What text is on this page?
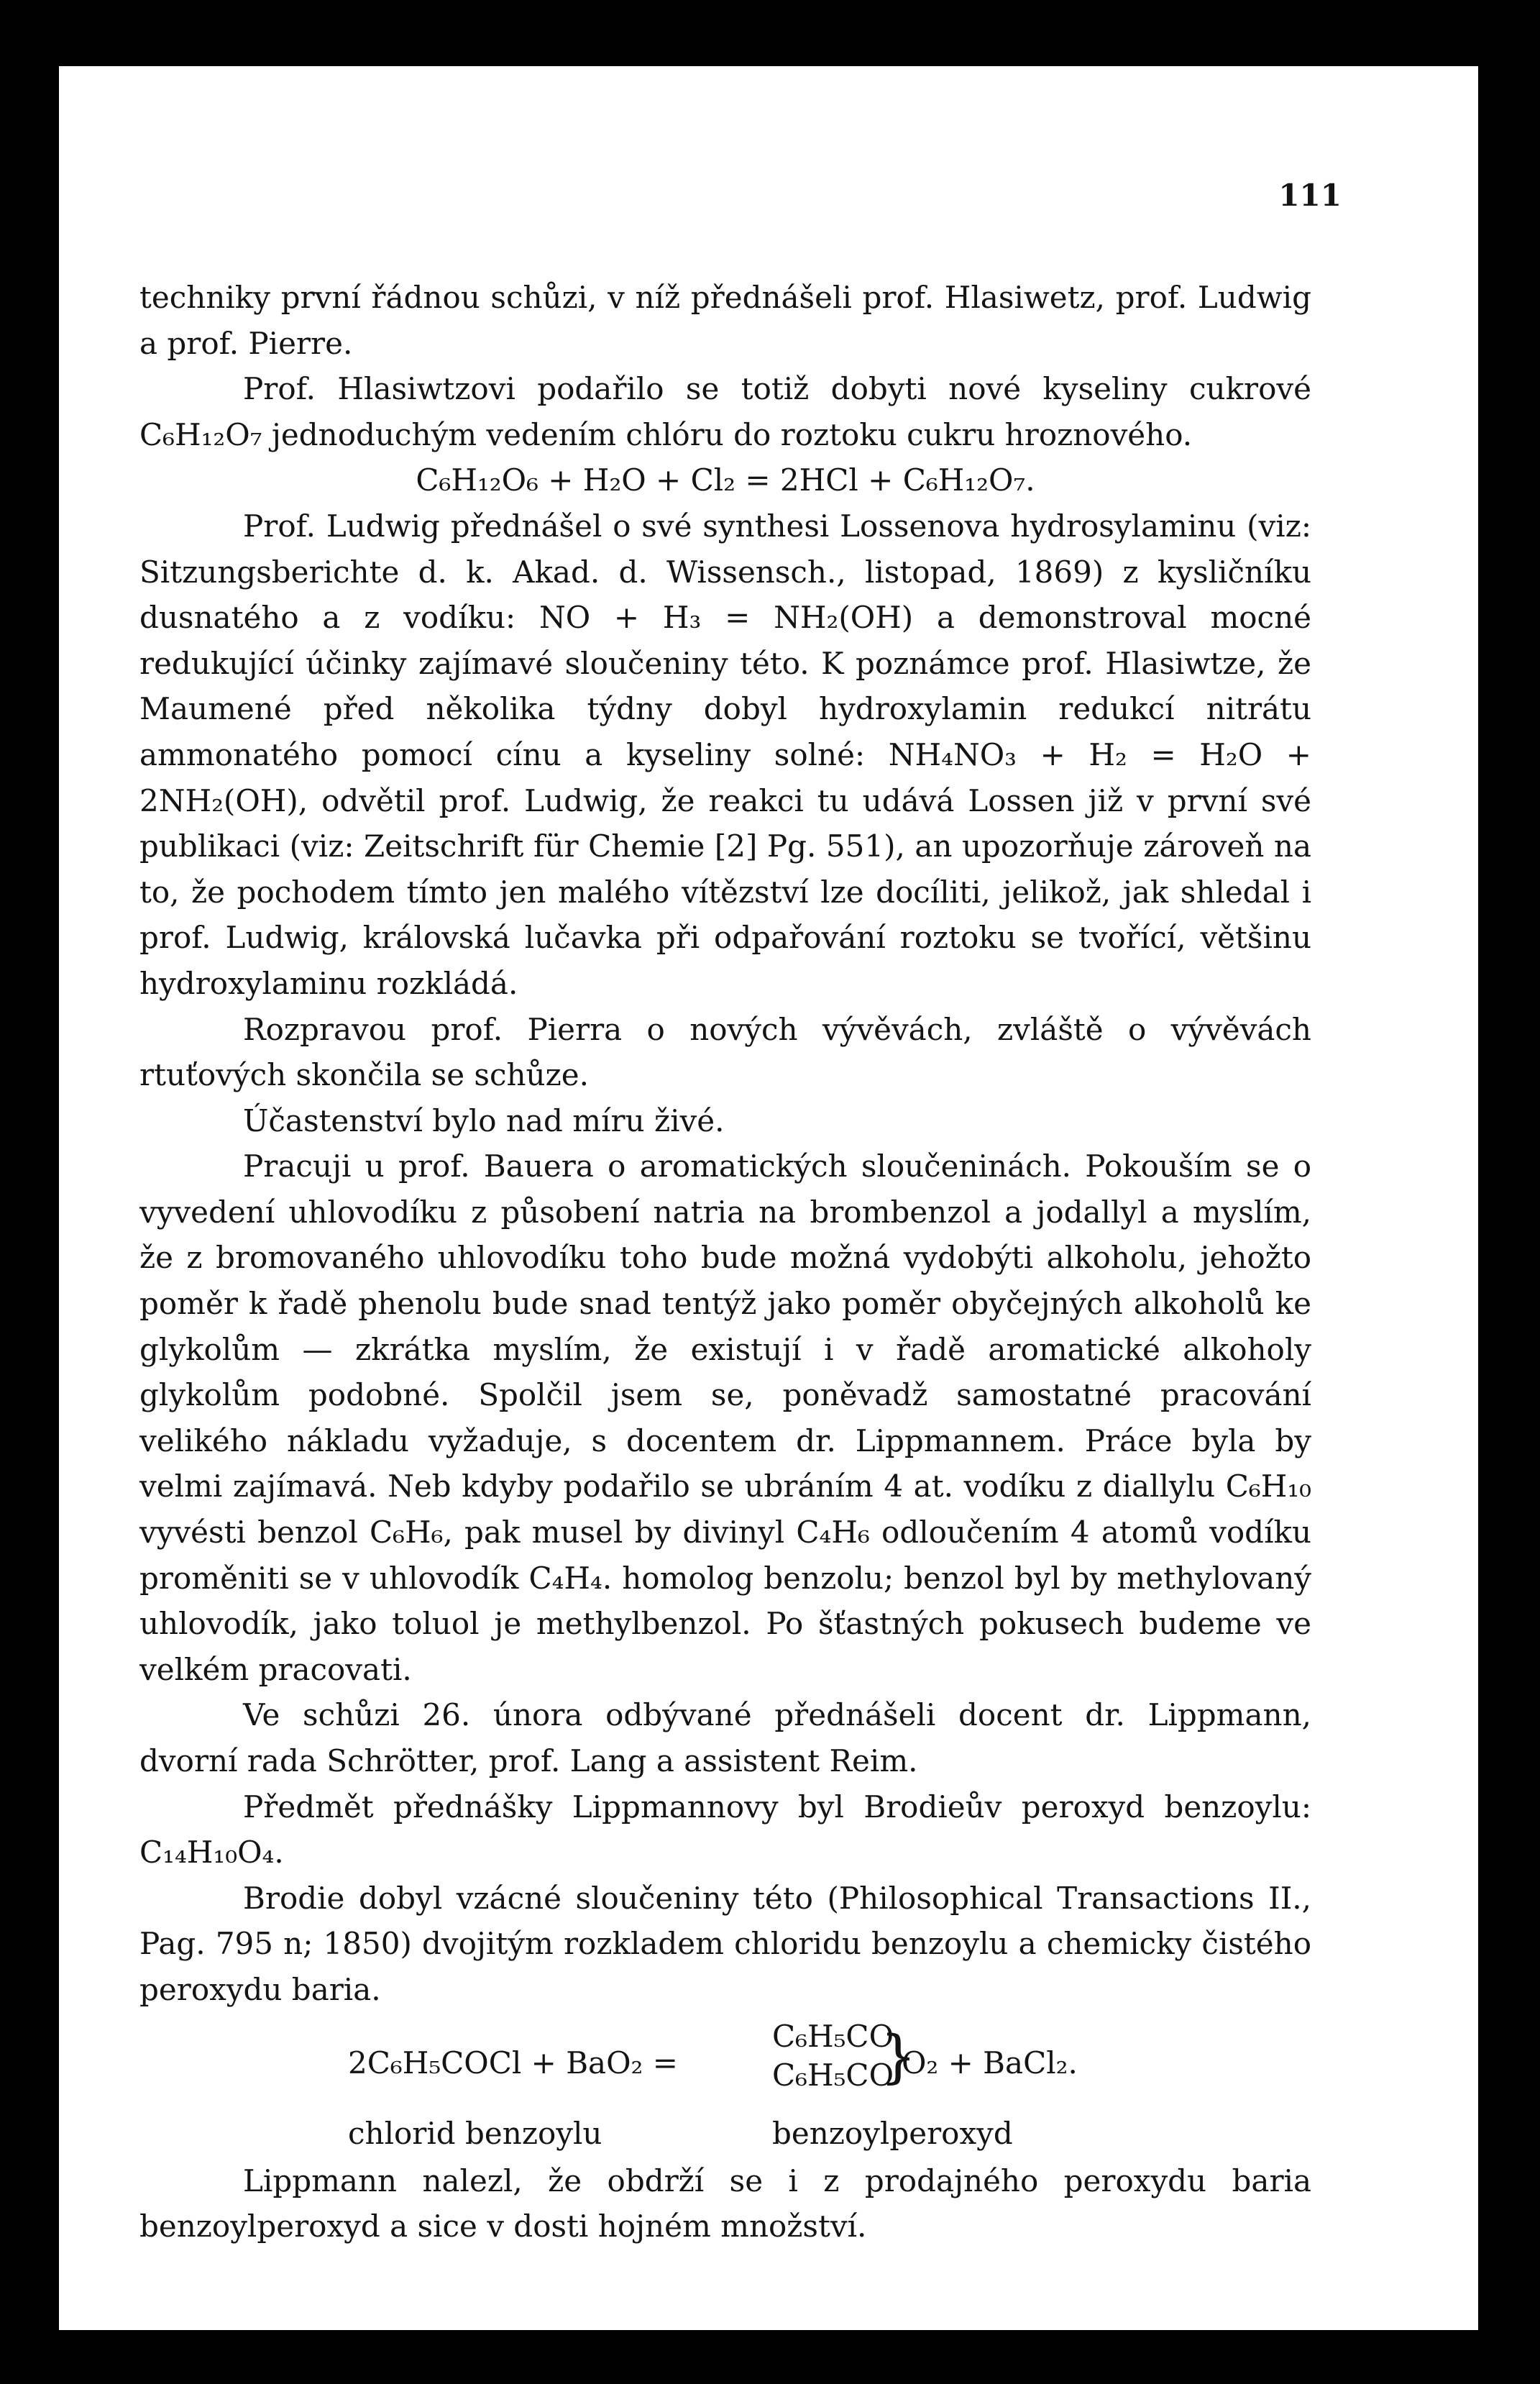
111

techniky první řádnou schůzi, v níž přednášeli prof. Hlasiwetz, prof. Ludwig a prof. Pierre.

Prof. Hlasiwtzovi podařilo se totiž dobyti nové kyseliny cukrové C₆H₁₂O₇ jednoduchým vedením chlóru do roztoku cukru hroznového.

C₆H₁₂O₆ + H₂O + Cl₂ = 2HCl + C₆H₁₂O₇.

Prof. Ludwig přednášel o své synthesi Lossenova hydrosylaminu (viz: Sitzungsberichte d. k. Akad. d. Wissensch., listopad, 1869) z kysličníku dusnatého a z vodíku: NO + H₃ = NH₂(OH) a demonstroval mocné redukující účinky zajímavé sloučeniny této. K poznámce prof. Hlasiwtze, že Maumené před několika týdny dobyl hydroxylamin redukcí nitrátu ammonatého pomocí cínu a kyseliny solné: NH₄NO₃ + H₂ = H₂O + 2NH₂(OH), odvětil prof. Ludwig, že reakci tu udává Lossen již v první své publikaci (viz: Zeitschrift für Chemie [2] Pg. 551), an upozorňuje zároveň na to, že pochodem tímto jen malého vítězství lze docíliti, jelikož, jak shledal i prof. Ludwig, královská lučavka při odpařování roztoku se tvořící, většinu hydroxylaminu rozkládá.

Rozpravou prof. Pierra o nových vývěvách, zvláště o vývěvách rtuťových skončila se schůze.

Účastenství bylo nad míru živé.

Pracuji u prof. Bauera o aromatických sloučeninách. Pokouším se o vyvedení uhlovodíku z působení natria na brombenzol a jodallyl a myslím, že z bromovaného uhlovodíku toho bude možná vydobýti alkoholu, jehožto poměr k řadě phenolu bude snad tentýž jako poměr obyčejných alkoholů ke glykolům — zkrátka myslím, že existují i v řadě aromatické alkoholy glykolům podobné. Spolčil jsem se, poněvadž samostatné pracování velikého nákladu vyžaduje, s docentem dr. Lippmannem. Práce byla by velmi zajímavá. Neb kdyby podařilo se ubráním 4 at. vodíku z diallylu C₆H₁₀ vyvésti benzol C₆H₆, pak musel by divinyl C₄H₆ odloučením 4 atomů vodíku proměniti se v uhlovodík C₄H₄. homolog benzolu; benzol byl by methylovaný uhlovodík, jako toluol je methylbenzol. Po šťastných pokusech budeme ve velkém pracovati.

Ve schůzi 26. února odbývané přednášeli docent dr. Lippmann, dvorní rada Schrötter, prof. Lang a assistent Reim.

Předmět přednášky Lippmannovy byl Brodieův peroxyd benzoylu: C₁₄H₁₀O₄.

Brodie dobyl vzácné sloučeniny této (Philosophical Transactions II., Pag. 795 n; 1850) dvojitým rozkladem chloridu benzoylu a chemicky čistého peroxydu baria.

2C₆H₅COCl + BaO₂ =
C₆H₅CO
C₆H₅CO
}
O₂ + BaCl₂.
chlorid benzoylu	benzoylperoxyd

Lippmann nalezl, že obdrží se i z prodajného peroxydu baria benzoylperoxyd a sice v dosti hojném množství.
